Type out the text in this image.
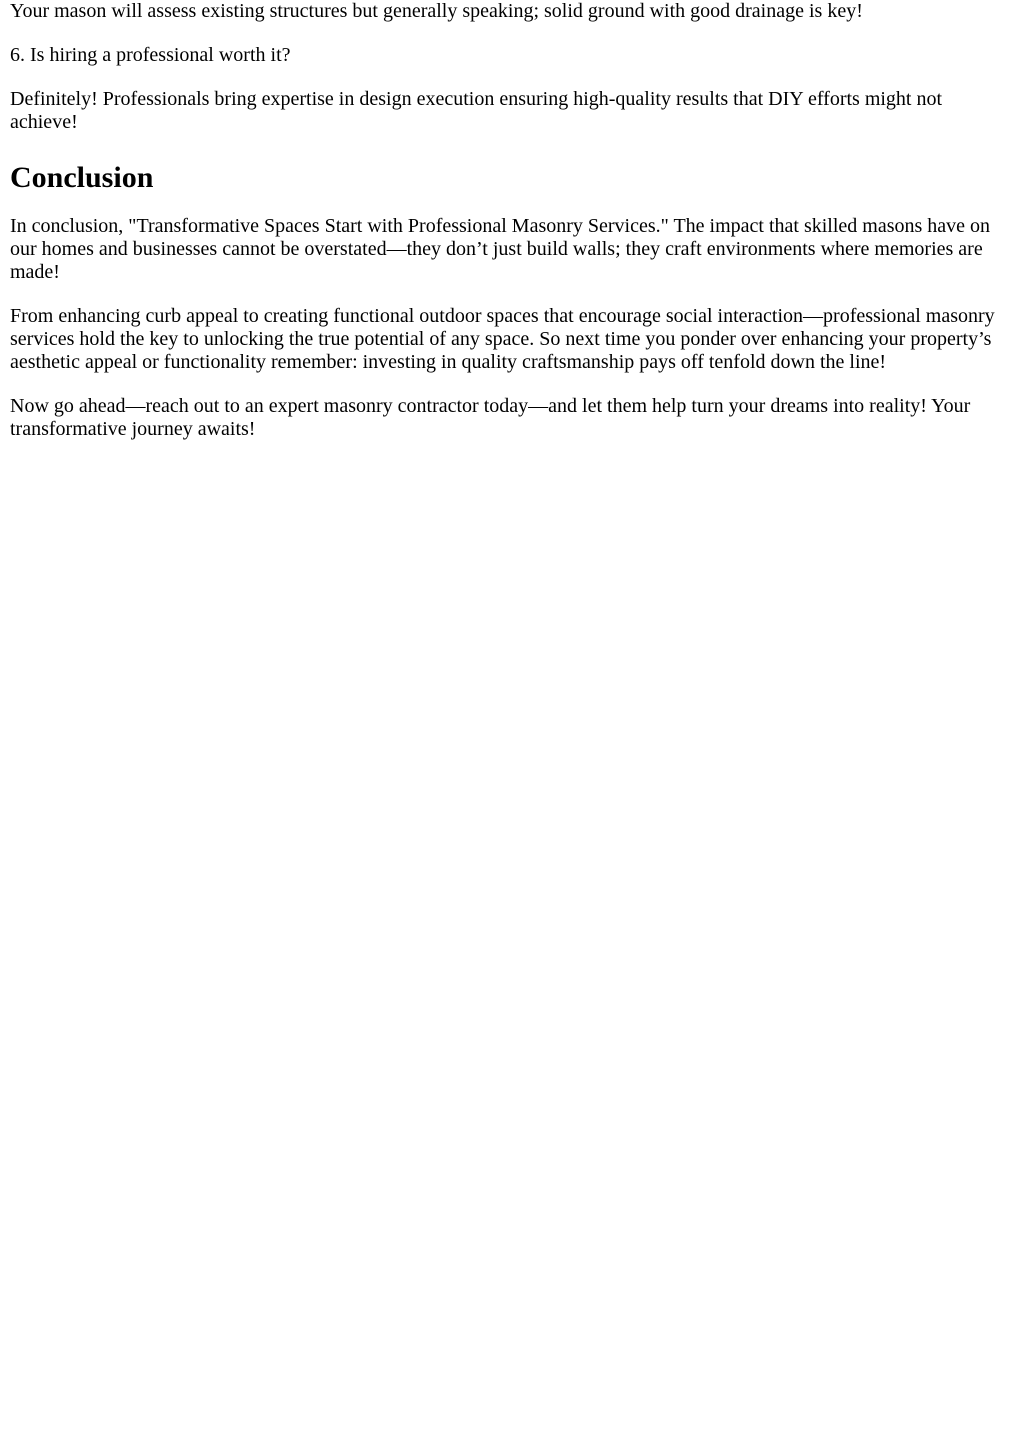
Your mason will assess existing structures but generally speaking; solid ground with good drainage is key!

6. Is hiring a professional worth it?

Definitely! Professionals bring expertise in design execution ensuring high-quality results that DIY efforts might not achieve!

Conclusion

In conclusion, "Transformative Spaces Start with Professional Masonry Services." The impact that skilled masons have on our homes and businesses cannot be overstated—they don’t just build walls; they craft environments where memories are made!

From enhancing curb appeal to creating functional outdoor spaces that encourage social interaction—professional masonry services hold the key to unlocking the true potential of any space. So next time you ponder over enhancing your property’s aesthetic appeal or functionality remember: investing in quality craftsmanship pays off tenfold down the line!

Now go ahead—reach out to an expert masonry contractor today—and let them help turn your dreams into reality! Your transformative journey awaits!
